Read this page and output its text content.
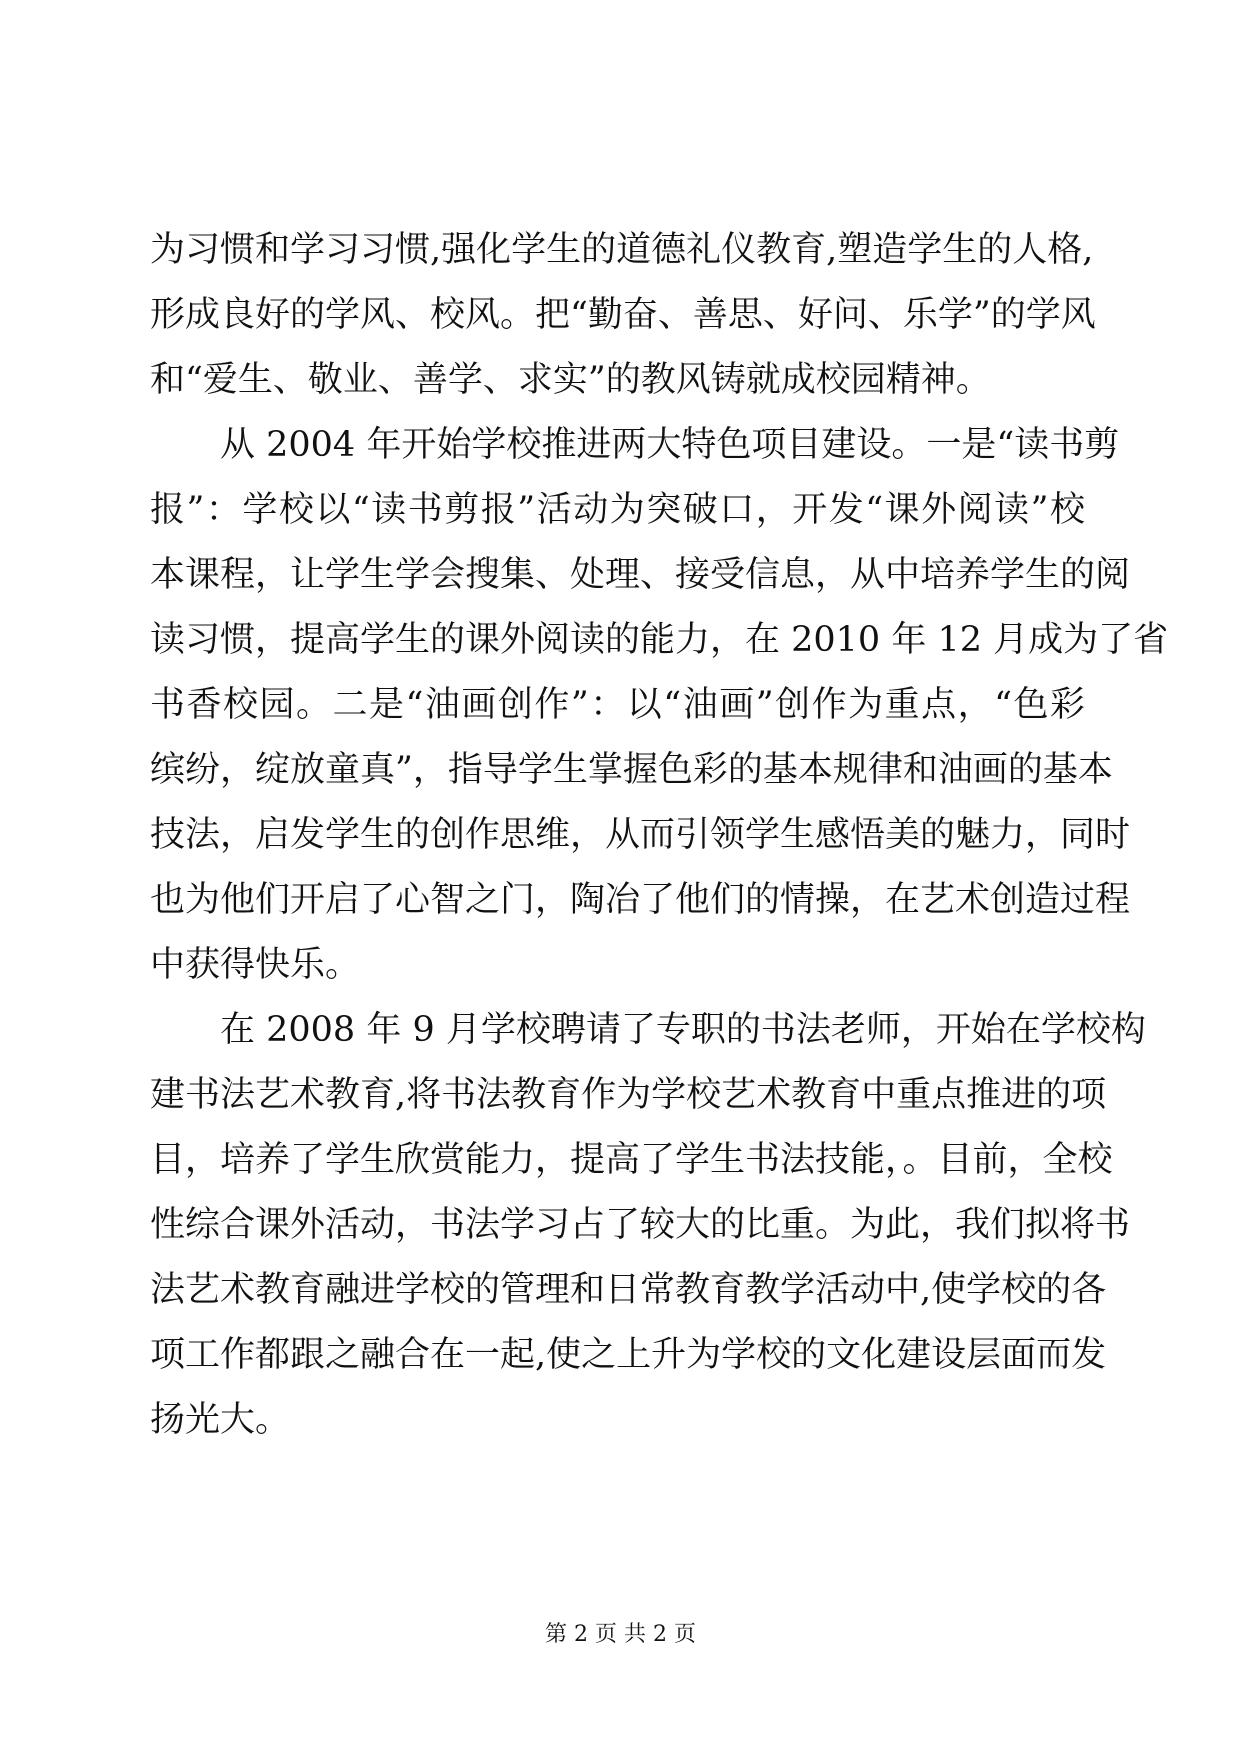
为习惯和学习习惯,强化学生的道德礼仪教育,塑造学生的人格,
形成良好的学风、校风。把“勤奋、善思、好问、乐学”的学风
和“爱生、敬业、善学、求实”的教风铸就成校园精神。
　　从 2004 年开始学校推进两大特色项目建设。一是“读书剪
报”：学校以“读书剪报”活动为突破口，开发“课外阅读”校
本课程，让学生学会搜集、处理、接受信息，从中培养学生的阅
读习惯，提高学生的课外阅读的能力，在 2010 年 12 月成为了省
书香校园。二是“油画创作”：以“油画”创作为重点，“色彩
缤纷，绽放童真”，指导学生掌握色彩的基本规律和油画的基本
技法，启发学生的创作思维，从而引领学生感悟美的魅力，同时
也为他们开启了心智之门，陶冶了他们的情操，在艺术创造过程
中获得快乐。
　　在 2008 年 9 月学校聘请了专职的书法老师，开始在学校构
建书法艺术教育,将书法教育作为学校艺术教育中重点推进的项
目，培养了学生欣赏能力，提高了学生书法技能，。目前，全校
性综合课外活动，书法学习占了较大的比重。为此，我们拟将书
法艺术教育融进学校的管理和日常教育教学活动中,使学校的各
项工作都跟之融合在一起,使之上升为学校的文化建设层面而发
扬光大。
第 2 页 共 2 页
